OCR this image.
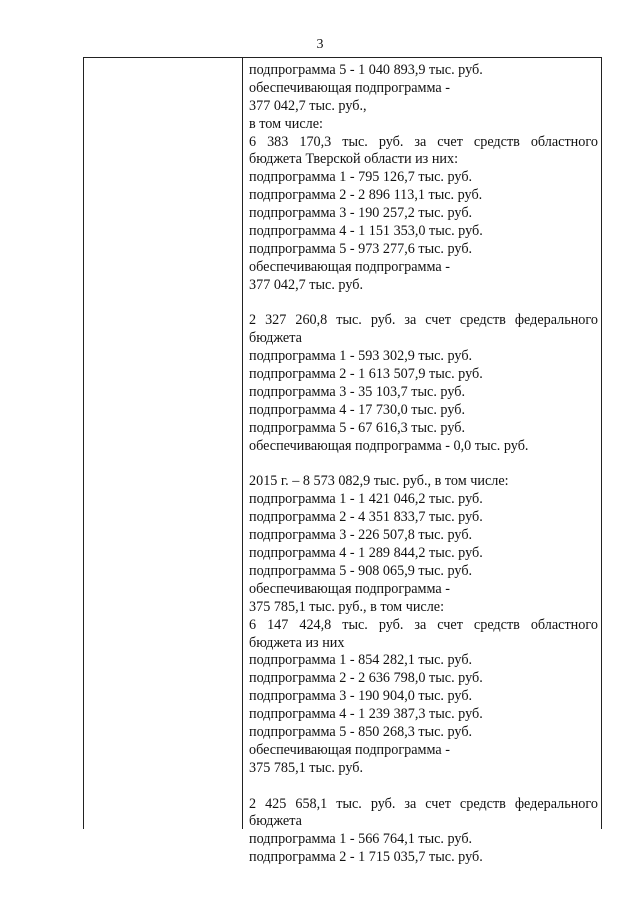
3
подпрограмма 5 - 1 040 893,9 тыс. руб.
обеспечивающая подпрограмма -
377 042,7 тыс. руб.,
в том числе:
6 383 170,3 тыс. руб. за счет средств областного
бюджета Тверской области из них:
подпрограмма 1 - 795 126,7 тыс. руб.
подпрограмма 2 - 2 896 113,1 тыс. руб.
подпрограмма 3 - 190 257,2 тыс. руб.
подпрограмма 4 - 1 151 353,0 тыс. руб.
подпрограмма 5 - 973 277,6 тыс. руб.
обеспечивающая подпрограмма -
377 042,7 тыс. руб.
2 327 260,8 тыс. руб. за счет средств федерального
бюджета
подпрограмма 1 - 593 302,9 тыс. руб.
подпрограмма 2 - 1 613 507,9 тыс. руб.
подпрограмма 3 - 35 103,7 тыс. руб.
подпрограмма 4 - 17 730,0 тыс. руб.
подпрограмма 5 - 67 616,3 тыс. руб.
обеспечивающая подпрограмма - 0,0 тыс. руб.
2015 г. – 8 573 082,9 тыс. руб., в том числе:
подпрограмма 1 - 1 421 046,2 тыс. руб.
подпрограмма 2 - 4 351 833,7 тыс. руб.
подпрограмма 3 - 226 507,8 тыс. руб.
подпрограмма 4 - 1 289 844,2 тыс. руб.
подпрограмма 5 - 908 065,9 тыс. руб.
обеспечивающая подпрограмма -
375 785,1 тыс. руб., в том числе:
6 147 424,8 тыс. руб. за счет средств областного
бюджета из них
подпрограмма 1 - 854 282,1 тыс. руб.
подпрограмма 2 - 2 636 798,0 тыс. руб.
подпрограмма 3 - 190 904,0 тыс. руб.
подпрограмма 4 - 1 239 387,3 тыс. руб.
подпрограмма 5 - 850 268,3 тыс. руб.
обеспечивающая подпрограмма -
375 785,1 тыс. руб.
2 425 658,1 тыс. руб. за счет средств федерального
бюджета
подпрограмма 1 - 566 764,1 тыс. руб.
подпрограмма 2 - 1 715 035,7 тыс. руб.
